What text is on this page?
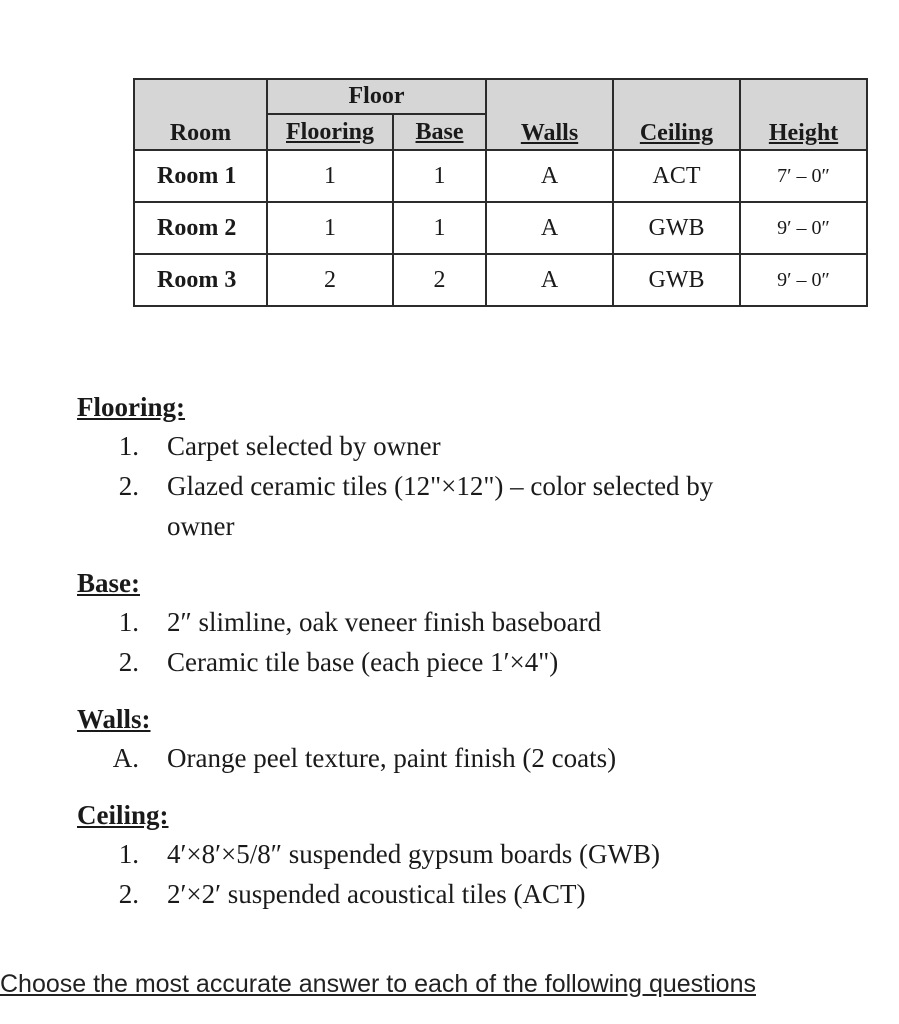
Room	Floor		Walls	Ceiling	Height
	Flooring	Base			
Room 1	1	1	A	ACT	7′ – 0″
Room 2	1	1	A	GWB	9′ – 0″
Room 3	2	2	A	GWB	9′ – 0″
Flooring:
1.	Carpet selected by owner
2.	Glazed ceramic tiles (12"×12") – color selected by owner
Base:
1.	2″ slimline, oak veneer finish baseboard
2.	Ceramic tile base (each piece 1′×4")
Walls:
A.	Orange peel texture, paint finish (2 coats)
Ceiling:
1.	4′×8′×5/8″ suspended gypsum boards (GWB)
2.	2′×2′ suspended acoustical tiles (ACT)
Choose the most accurate answer to each of the following questions
